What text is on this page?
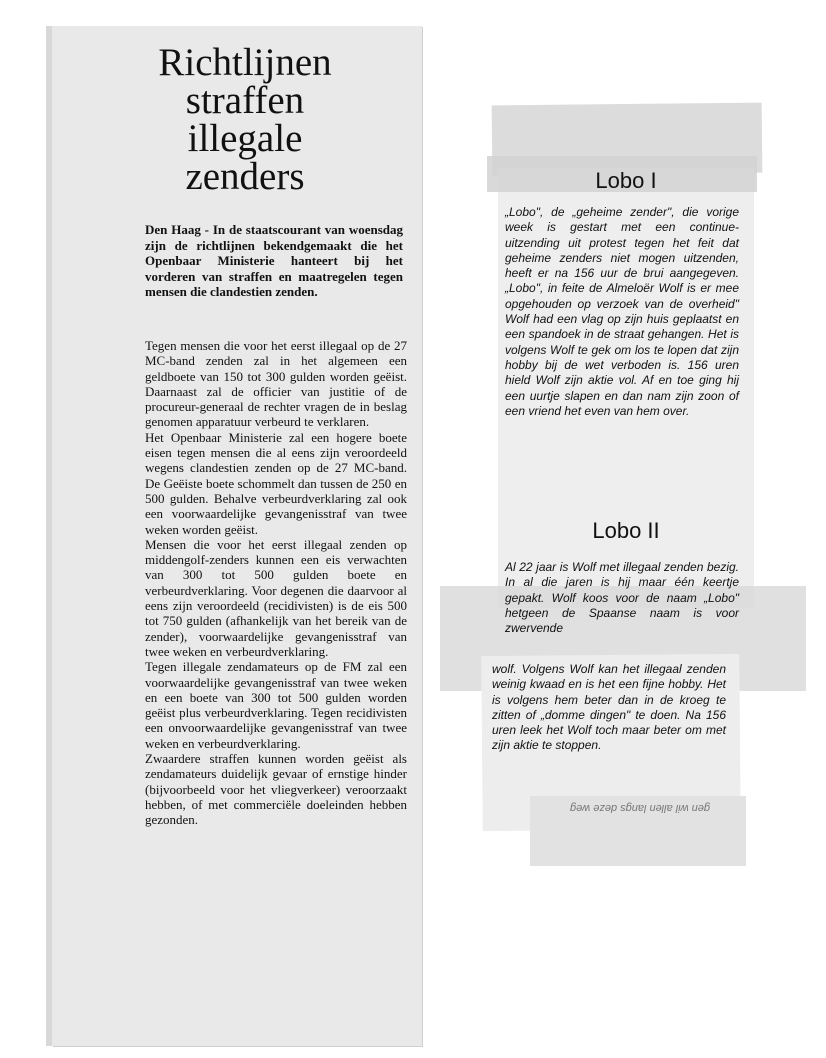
Richtlijnen
straffen
illegale
zenders

Den Haag - In de staatscourant van woensdag zijn de richtlijnen bekendgemaakt die het Openbaar Ministerie hanteert bij het vorderen van straffen en maatregelen tegen mensen die clandestien zenden.

Tegen mensen die voor het eerst illegaal op de 27 MC-band zenden zal in het algemeen een geldboete van 150 tot 300 gulden worden geëist. Daarnaast zal de officier van justitie of de procureur-generaal de rechter vragen de in beslag genomen apparatuur verbeurd te verklaren.

Het Openbaar Ministerie zal een hogere boete eisen tegen mensen die al eens zijn veroordeeld wegens clandestien zenden op de 27 MC-band. De Geëiste boete schommelt dan tussen de 250 en 500 gulden. Behalve verbeurdverklaring zal ook een voorwaardelijke gevangenisstraf van twee weken worden geëist.

Mensen die voor het eerst illegaal zenden op middengolf-zenders kunnen een eis verwachten van 300 tot 500 gulden boete en verbeurdverklaring. Voor degenen die daarvoor al eens zijn veroordeeld (recidivisten) is de eis 500 tot 750 gulden (afhankelijk van het bereik van de zender), voorwaardelijke gevangenisstraf van twee weken en verbeurdverklaring.

Tegen illegale zendamateurs op de FM zal een voorwaardelijke gevangenisstraf van twee weken en een boete van 300 tot 500 gulden worden geëist plus verbeurdverklaring. Tegen recidivisten een onvoorwaardelijke gevangenisstraf van twee weken en verbeurdverklaring.

Zwaardere straffen kunnen worden geëist als zendamateurs duidelijk gevaar of ernstige hinder (bijvoorbeeld voor het vliegverkeer) veroorzaakt hebben, of met commerciële doeleinden hebben gezonden.

Lobo I

„Lobo", de „geheime zender", die vorige week is gestart met een continue-uitzending uit protest tegen het feit dat geheime zenders niet mogen uitzenden, heeft er na 156 uur de brui aangegeven. „Lobo", in feite de Almeloër Wolf is er mee opgehouden op verzoek van de overheid" Wolf had een vlag op zijn huis geplaatst en een spandoek in de straat gehangen. Het is volgens Wolf te gek om los te lopen dat zijn hobby bij de wet verboden is. 156 uren hield Wolf zijn aktie vol. Af en toe ging hij een uurtje slapen en dan nam zijn zoon of een vriend het even van hem over.

Lobo II

Al 22 jaar is Wolf met illegaal zenden bezig. In al die jaren is hij maar één keertje gepakt. Wolf koos voor de naam „Lobo" hetgeen de Spaanse naam is voor zwervende

wolf. Volgens Wolf kan het illegaal zenden weinig kwaad en is het een fijne hobby. Het is volgens hem beter dan in de kroeg te zitten of „domme dingen" te doen. Na 156 uren leek het Wolf toch maar beter om met zijn aktie te stoppen.

gen wil allen langs deze weg
